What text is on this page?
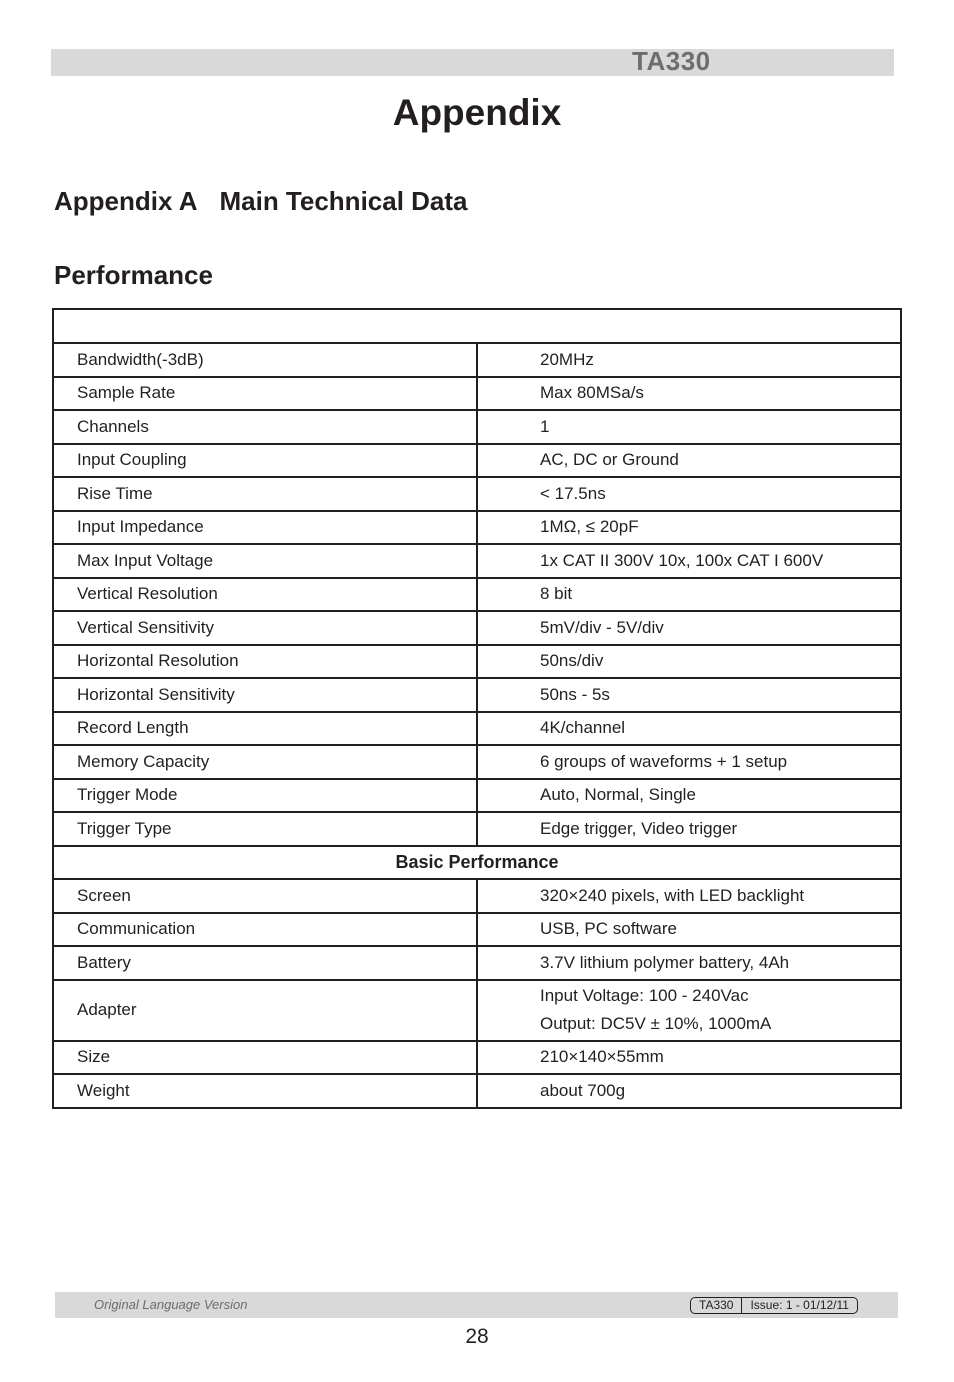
TA330
Appendix
Appendix A Main Technical Data
Performance

Bandwidth(-3dB)	20MHz
Sample Rate	Max 80MSa/s
Channels	1
Input Coupling	AC, DC or Ground
Rise Time	< 17.5ns
Input Impedance	1MΩ, ≤ 20pF
Max Input Voltage	1x CAT II 300V 10x, 100x CAT I 600V
Vertical Resolution	8 bit
Vertical Sensitivity	5mV/div - 5V/div
Horizontal Resolution	50ns/div
Horizontal Sensitivity	50ns - 5s
Record Length	4K/channel
Memory Capacity	6 groups of waveforms + 1 setup
Trigger Mode	Auto, Normal, Single
Trigger Type	Edge trigger, Video trigger
Basic Performance	
Screen	320×240 pixels, with LED backlight
Communication	USB, PC software
Battery	3.7V lithium polymer battery, 4Ah
Adapter	Input Voltage: 100 - 240Vac
Output: DC5V ± 10%, 1000mA

Size	210×140×55mm
Weight	about 700g
Original Language Version	TA330	Issue: 1 - 01/12/11
28
